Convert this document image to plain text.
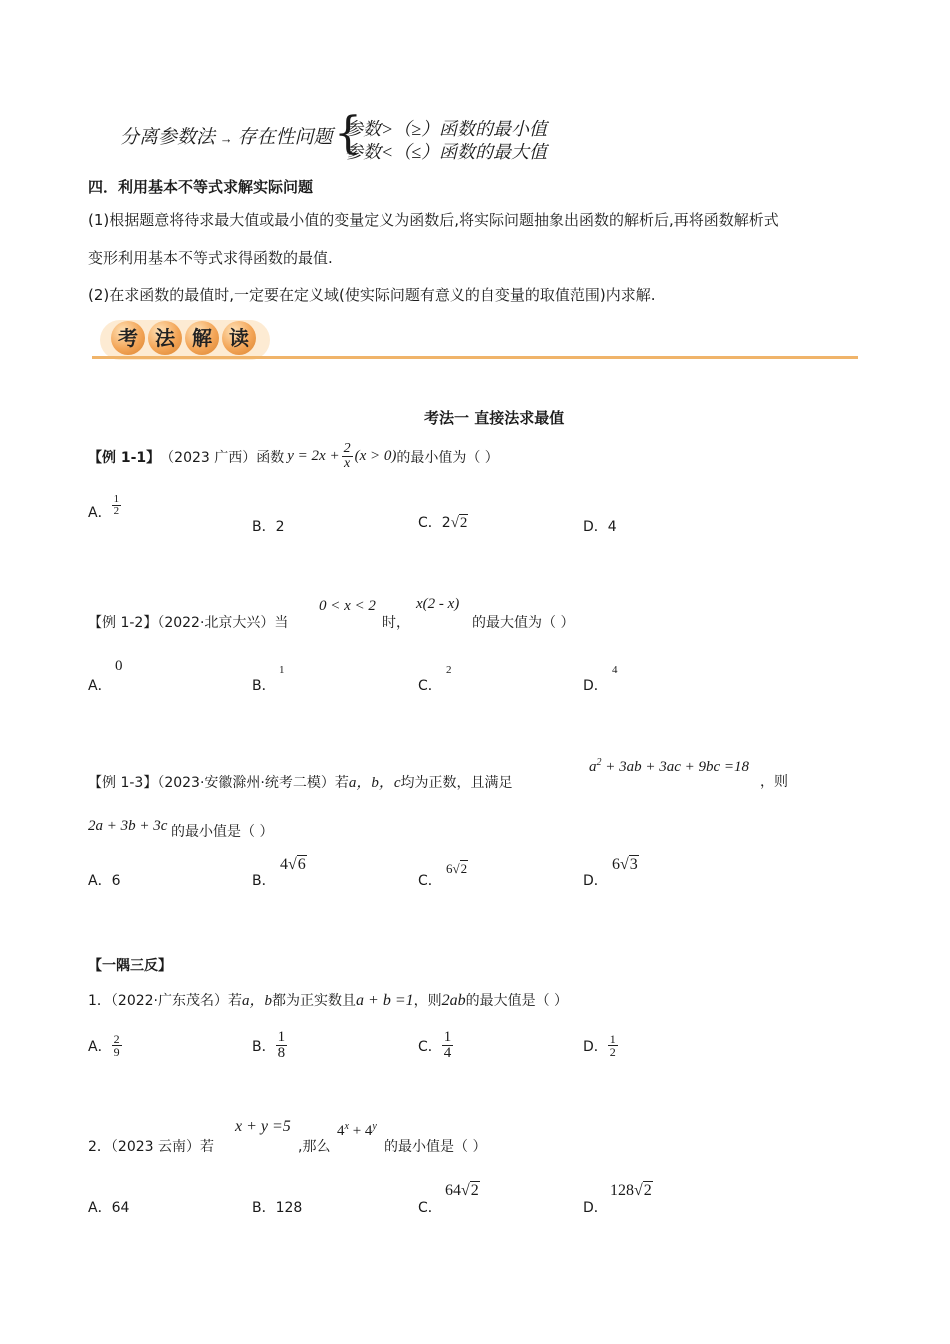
分离参数法 → 存在性问题 {
参数>（≥）函数的最小值
参数<（≤）函数的最大值
四．利用基本不等式求解实际问题
(1)根据题意将待求最大值或最小值的变量定义为函数后,将实际问题抽象出函数的解析后,再将函数解析式
变形利用基本不等式求得函数的最值.
(2)在求函数的最值时,一定要在定义域(使实际问题有意义的自变量的取值范围)内求解.
考 法 解 读
考法一 直接法求最值
【例 1-1】 （2023 广西）函数 $y = 2x + \frac{2}{x} (x > 0)$ 的最小值为（ ）
A． $\frac{1}{2}$
B．2	C．2√2	D．4
【例 1-2】（2022·北京大兴）当
0 < x < 2
时，
x(2 - x)
的最大值为（ ）
A．
0
B．
1
C．
2
D．
4
【例 1-3】（2023·安徽滁州·统考二模）若a，b，c均为正数，且满足
$a^2 + 3ab + 3ac + 9bc =18$
，则
2a + 3b + 3c 的最小值是（ ）
A．6	B．
4√6
C．
6√2
D．
6√3
【一隅三反】
1．（2022·广东茂名）若 a，b 都为正实数且 a + b =1 ，则 2ab 的最大值是（ ）
A． $\frac{2}{9}$	B． $\frac{1}{8}$	C． $\frac{1}{4}$	D． $\frac{1}{2}$
2．（2023 云南）若
x + y =5
,那么
$4^x + 4^y$
的最小值是（ ）
A．64	B．128	C．
64√2
D．
128√2
